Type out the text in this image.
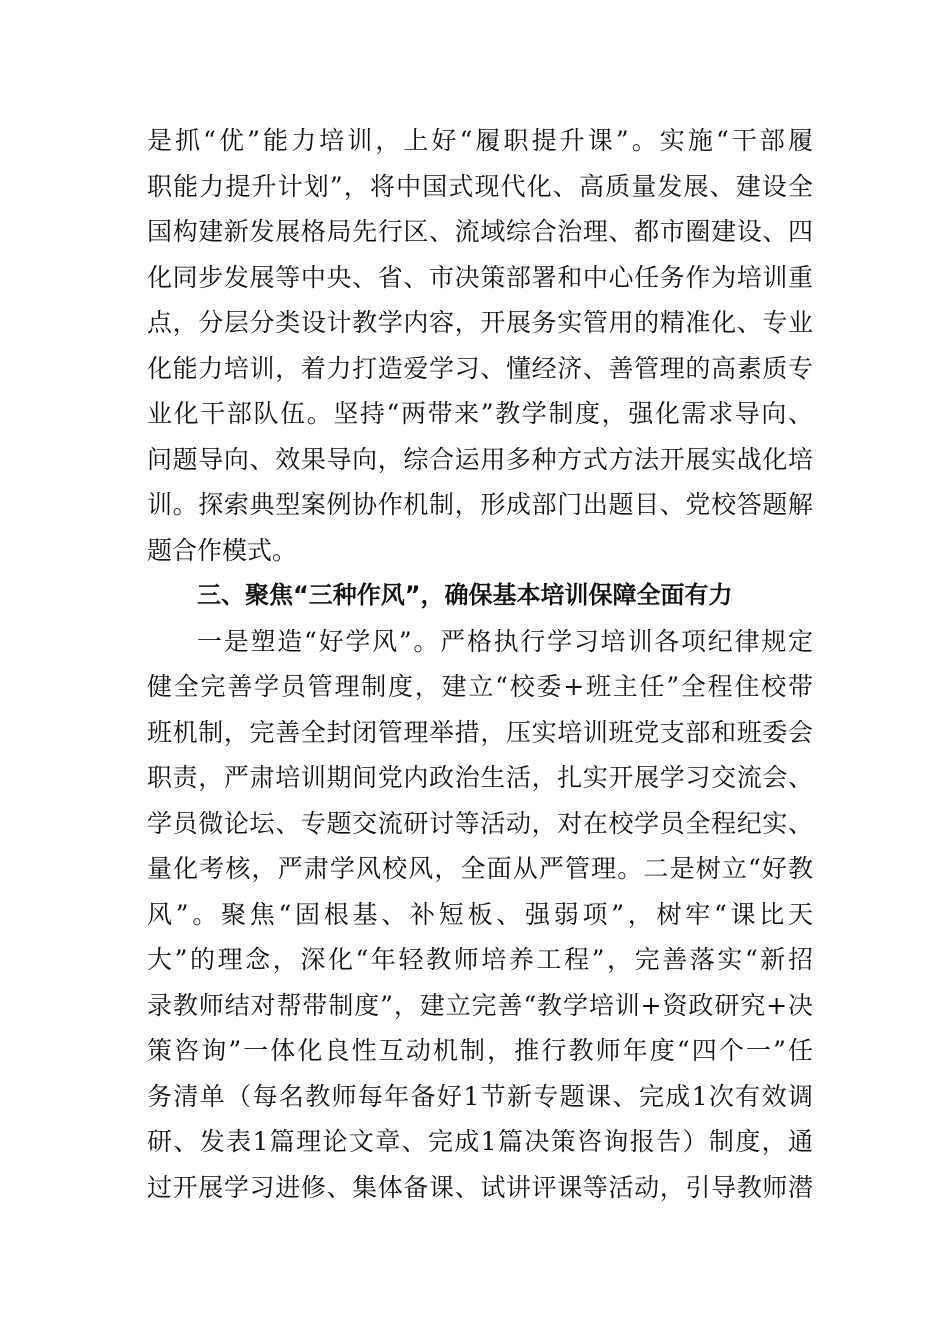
是抓“优”能力培训，上好“履职提升课”。实施“干部履
职能力提升计划”，将中国式现代化、高质量发展、建设全
国构建新发展格局先行区、流域综合治理、都市圈建设、四
化同步发展等中央、省、市决策部署和中心任务作为培训重
点，分层分类设计教学内容，开展务实管用的精准化、专业
化能力培训，着力打造爱学习、懂经济、善管理的高素质专
业化干部队伍。坚持“两带来”教学制度，强化需求导向、
问题导向、效果导向，综合运用多种方式方法开展实战化培
训。探索典型案例协作机制，形成部门出题目、党校答题解
题合作模式。
三、聚焦“三种作风”，确保基本培训保障全面有力
一是塑造“好学风”。严格执行学习培训各项纪律规定
健全完善学员管理制度，建立“校委+班主任”全程住校带
班机制，完善全封闭管理举措，压实培训班党支部和班委会
职责，严肃培训期间党内政治生活，扎实开展学习交流会、
学员微论坛、专题交流研讨等活动，对在校学员全程纪实、
量化考核，严肃学风校风，全面从严管理。二是树立“好教
风”。聚焦“固根基、补短板、强弱项”，树牢“课比天
大”的理念，深化“年轻教师培养工程”，完善落实“新招
录教师结对帮带制度”，建立完善“教学培训+资政研究+决
策咨询”一体化良性互动机制，推行教师年度“四个一”任
务清单（每名教师每年备好1节新专题课、完成1次有效调
研、发表1篇理论文章、完成1篇决策咨询报告）制度，通
过开展学习进修、集体备课、试讲评课等活动，引导教师潜
